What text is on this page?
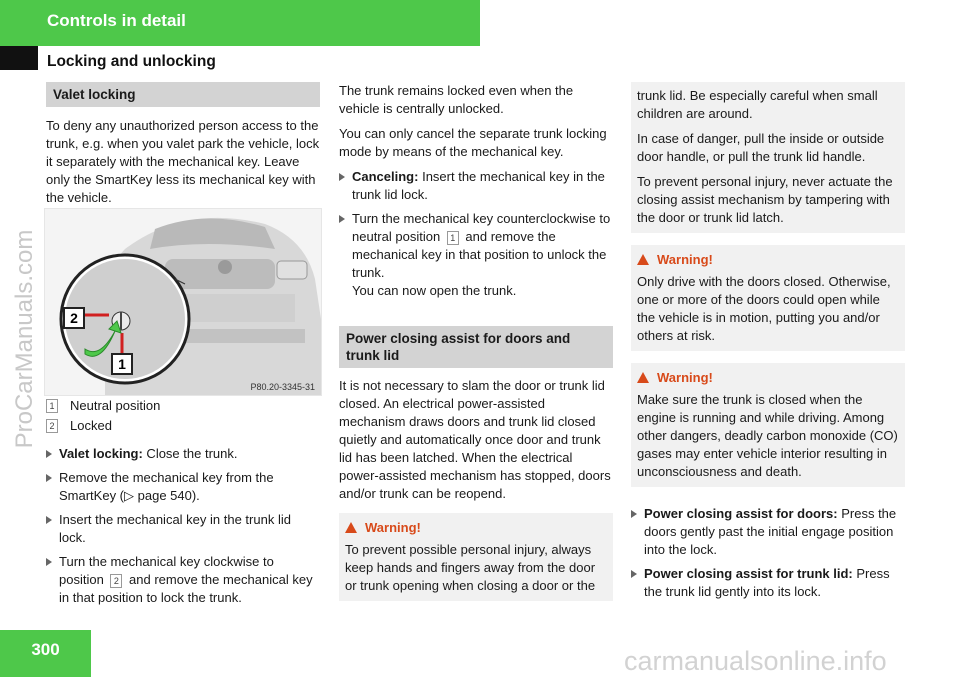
Controls in detail
Locking and unlocking
ProCarManuals.com
Valet locking

To deny any unauthorized person access to the trunk, e.g. when you valet park the vehicle, lock it separately with the mechanical key. Leave only the SmartKey less its mechanical key with the vehicle.

2
1
P80.20-3345-31
1 Neutral position
2 Locked
Valet locking: Close the trunk.
Remove the mechanical key from the SmartKey (▷ page 540).
Insert the mechanical key in the trunk lid lock.
Turn the mechanical key clockwise to position 2 and remove the mechanical key in that position to lock the trunk.

The trunk remains locked even when the vehicle is centrally unlocked.

You can only cancel the separate trunk locking mode by means of the mechanical key.

Canceling: Insert the mechanical key in the trunk lid lock.
Turn the mechanical key counterclockwise to neutral position 1 and remove the mechanical key in that position to unlock the trunk.
You can now open the trunk.
Power closing assist for doors and trunk lid

It is not necessary to slam the door or trunk lid closed. An electrical power-assisted mechanism draws doors and trunk lid closed quietly and automatically once door and trunk lid has been latched. When the electrical power-assisted mechanism has stopped, doors and/or trunk can be reopend.

Warning!
To prevent possible personal injury, always keep hands and fingers away from the door or trunk opening when closing a door or the

trunk lid. Be especially careful when small children are around.

In case of danger, pull the inside or outside door handle, or pull the trunk lid handle.

To prevent personal injury, never actuate the closing assist mechanism by tampering with the door or trunk lid latch.

Warning!
Only drive with the doors closed. Otherwise, one or more of the doors could open while the vehicle is in motion, putting you and/or others at risk.
Warning!
Make sure the trunk is closed when the engine is running and while driving. Among other dangers, deadly carbon monoxide (CO) gases may enter vehicle interior resulting in unconsciousness and death.
Power closing assist for doors: Press the doors gently past the initial engage position into the lock.
Power closing assist for trunk lid: Press the trunk lid gently into its lock.
300	carmanualsonline.info
